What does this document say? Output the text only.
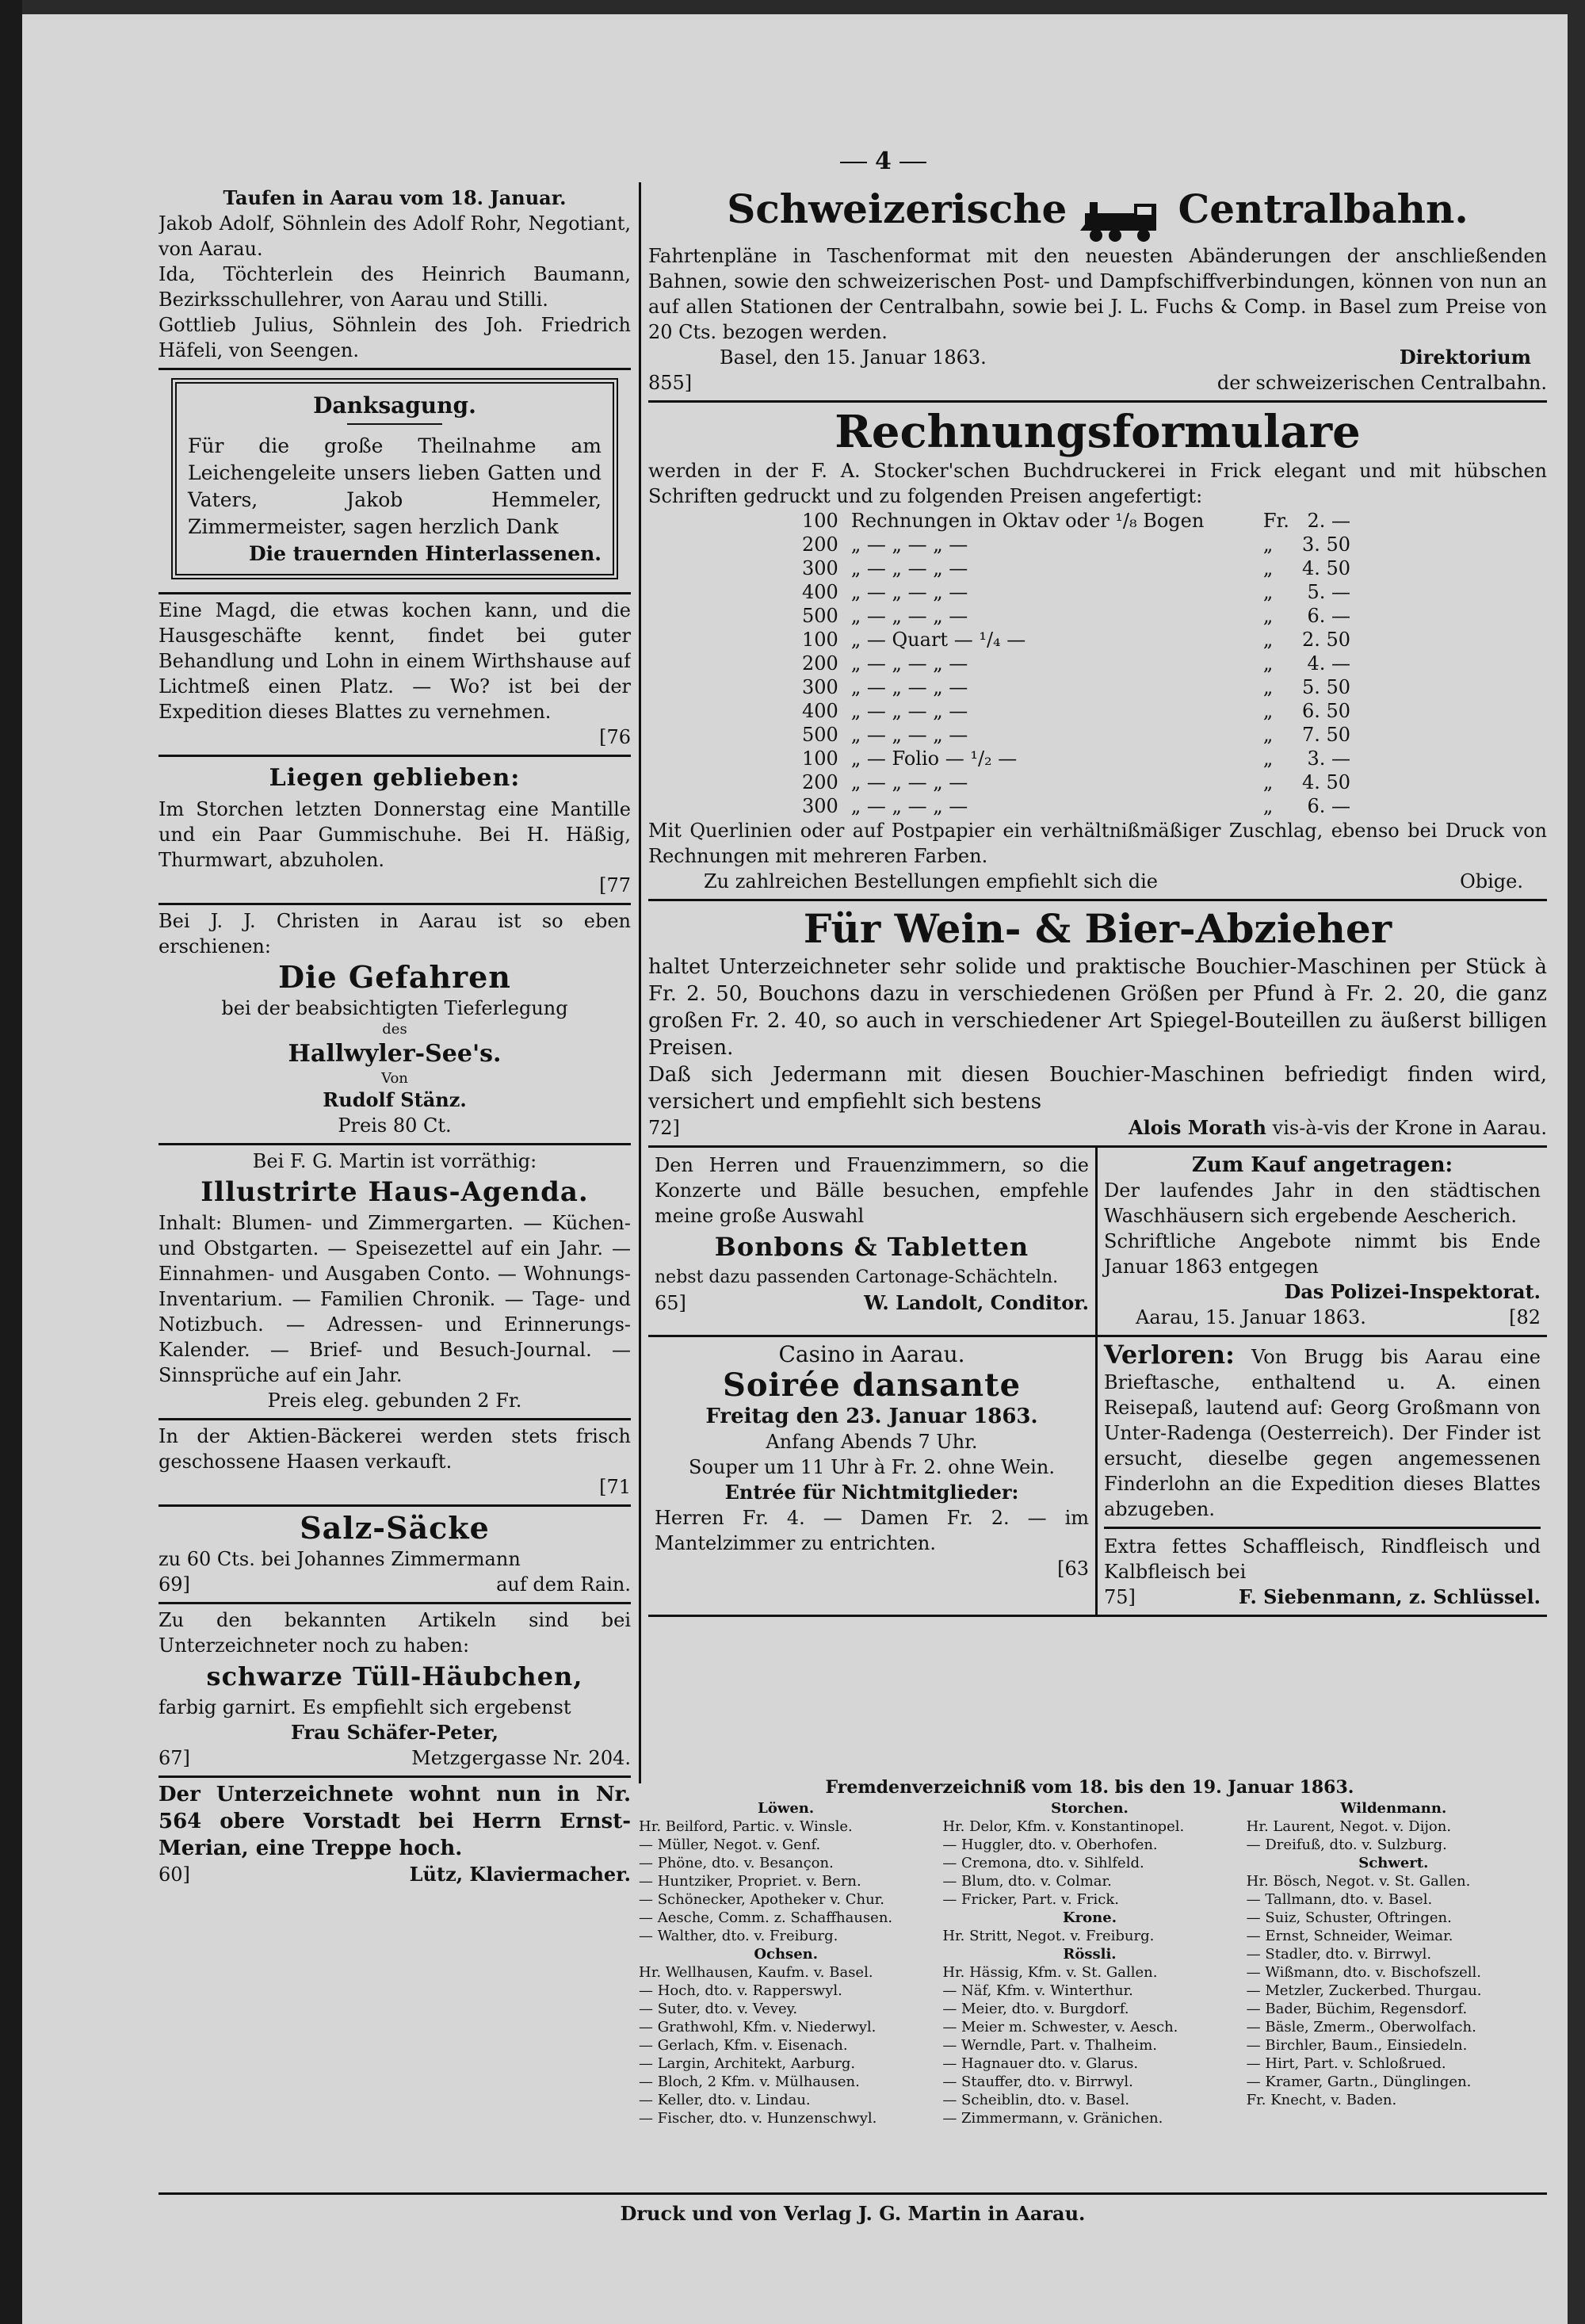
4

Taufen in Aarau vom 18. Januar.

Jakob Adolf, Söhnlein des Adolf Rohr, Negotiant, von Aarau.

Ida, Töchterlein des Heinrich Baumann, Bezirksschullehrer, von Aarau und Stilli.

Gottlieb Julius, Söhnlein des Joh. Friedrich Häfeli, von Seengen.

Danksagung.

Für die große Theilnahme am Leichengeleite unsers lieben Gatten und Vaters, Jakob Hemmeler, Zimmermeister, sagen herzlich Dank

Die trauernden Hinterlassenen.

Eine Magd, die etwas kochen kann, und die Hausgeschäfte kennt, findet bei guter Behandlung und Lohn in einem Wirthshause auf Lichtmeß einen Platz. — Wo? ist bei der Expedition dieses Blattes zu vernehmen.

[76

Liegen geblieben:

Im Storchen letzten Donnerstag eine Mantille und ein Paar Gummischuhe. Bei H. Häßig, Thurmwart, abzuholen.

[77

Bei J. J. Christen in Aarau ist so eben erschienen:

Die Gefahren

bei der beabsichtigten Tieferlegung

des

Hallwyler-See's.

Von

Rudolf Stänz.

Preis 80 Ct.

Bei F. G. Martin ist vorräthig:

Illustrirte Haus-Agenda.

Inhalt: Blumen- und Zimmergarten. — Küchen- und Obstgarten. — Speisezettel auf ein Jahr. — Einnahmen- und Ausgaben Conto. — Wohnungs-Inventarium. — Familien Chronik. — Tage- und Notizbuch. — Adressen- und Erinnerungs-Kalender. — Brief- und Besuch-Journal. — Sinnsprüche auf ein Jahr.

Preis eleg. gebunden 2 Fr.

In der Aktien-Bäckerei werden stets frisch geschossene Haasen verkauft.

[71

Salz-Säcke

zu 60 Cts. bei Johannes Zimmermann

69]	auf dem Rain.

Zu den bekannten Artikeln sind bei Unterzeichneter noch zu haben:

schwarze Tüll-Häubchen,

farbig garnirt. Es empfiehlt sich ergebenst

Frau Schäfer-Peter,

67]	Metzgergasse Nr. 204.

Der Unterzeichnete wohnt nun in Nr. 564 obere Vorstadt bei Herrn Ernst-Merian, eine Treppe hoch.

60]	Lütz, Klaviermacher.

Schweizerische	Centralbahn.

Fahrtenpläne in Taschenformat mit den neuesten Abänderungen der anschließenden Bahnen, sowie den schweizerischen Post- und Dampfschiffverbindungen, können von nun an auf allen Stationen der Centralbahn, sowie bei J. L. Fuchs & Comp. in Basel zum Preise von 20 Cts. bezogen werden.

Basel, den 15. Januar 1863.	Direktorium

855]	der schweizerischen Centralbahn.

Rechnungsformulare

werden in der F. A. Stocker'schen Buchdruckerei in Frick elegant und mit hübschen Schriften gedruckt und zu folgenden Preisen angefertigt:

100	Rechnungen in Oktav oder ¹/₈ Bogen	Fr.	2. —
200	„ — „ — „ —	„	3. 50
300	„ — „ — „ —	„	4. 50
400	„ — „ — „ —	„	5. —
500	„ — „ — „ —	„	6. —
100	„ — Quart — ¹/₄ —	„	2. 50
200	„ — „ — „ —	„	4. —
300	„ — „ — „ —	„	5. 50
400	„ — „ — „ —	„	6. 50
500	„ — „ — „ —	„	7. 50
100	„ — Folio — ¹/₂ —	„	3. —
200	„ — „ — „ —	„	4. 50
300	„ — „ — „ —	„	6. —

Mit Querlinien oder auf Postpapier ein verhältnißmäßiger Zuschlag, ebenso bei Druck von Rechnungen mit mehreren Farben.

Zu zahlreichen Bestellungen empfiehlt sich die	Obige.

Für Wein- & Bier-Abzieher

haltet Unterzeichneter sehr solide und praktische Bouchier-Maschinen per Stück à Fr. 2. 50, Bouchons dazu in verschiedenen Größen per Pfund à Fr. 2. 20, die ganz großen Fr. 2. 40, so auch in verschiedener Art Spiegel-Bouteillen zu äußerst billigen Preisen.

Daß sich Jedermann mit diesen Bouchier-Maschinen befriedigt finden wird, versichert und empfiehlt sich bestens

72]	Alois Morath vis-à-vis der Krone in Aarau.

Den Herren und Frauenzimmern, so die Konzerte und Bälle besuchen, empfehle meine große Auswahl

Bonbons & Tabletten

nebst dazu passenden Cartonage-Schächteln.

65]	W. Landolt, Conditor.

Zum Kauf angetragen:

Der laufendes Jahr in den städtischen Waschhäusern sich ergebende Aescherich.

Schriftliche Angebote nimmt bis Ende Januar 1863 entgegen

Das Polizei-Inspektorat.

Aarau, 15. Januar 1863.	[82

Casino in Aarau.

Soirée dansante

Freitag den 23. Januar 1863.

Anfang Abends 7 Uhr.

Souper um 11 Uhr à Fr. 2. ohne Wein.

Entrée für Nichtmitglieder:

Herren Fr. 4. — Damen Fr. 2. — im Mantelzimmer zu entrichten.

[63

Verloren: Von Brugg bis Aarau eine Brieftasche, enthaltend u. A. einen Reisepaß, lautend auf: Georg Großmann von Unter-Radenga (Oesterreich). Der Finder ist ersucht, dieselbe gegen angemessenen Finderlohn an die Expedition dieses Blattes abzugeben.

Extra fettes Schaffleisch, Rindfleisch und Kalbfleisch bei

75]	F. Siebenmann, z. Schlüssel.

Fremdenverzeichniß vom 18. bis den 19. Januar 1863.

Löwen.
Hr. Beilford, Partic. v. Winsle.
— Müller, Negot. v. Genf.
— Phöne, dto. v. Besançon.
— Huntziker, Propriet. v. Bern.
— Schönecker, Apotheker v. Chur.
— Aesche, Comm. z. Schaffhausen.
— Walther, dto. v. Freiburg.
Ochsen.
Hr. Wellhausen, Kaufm. v. Basel.
— Hoch, dto. v. Rapperswyl.
— Suter, dto. v. Vevey.
— Grathwohl, Kfm. v. Niederwyl.
— Gerlach, Kfm. v. Eisenach.
— Largin, Architekt, Aarburg.
— Bloch, 2 Kfm. v. Mülhausen.
— Keller, dto. v. Lindau.
— Fischer, dto. v. Hunzenschwyl.
Storchen.
Hr. Delor, Kfm. v. Konstantinopel.
— Huggler, dto. v. Oberhofen.
— Cremona, dto. v. Sihlfeld.
— Blum, dto. v. Colmar.
— Fricker, Part. v. Frick.
Krone.
Hr. Stritt, Negot. v. Freiburg.
Rössli.
Hr. Hässig, Kfm. v. St. Gallen.
— Näf, Kfm. v. Winterthur.
— Meier, dto. v. Burgdorf.
— Meier m. Schwester, v. Aesch.
— Werndle, Part. v. Thalheim.
— Hagnauer dto. v. Glarus.
— Stauffer, dto. v. Birrwyl.
— Scheiblin, dto. v. Basel.
— Zimmermann, v. Gränichen.
Wildenmann.
Hr. Laurent, Negot. v. Dijon.
— Dreifuß, dto. v. Sulzburg.
Schwert.
Hr. Bösch, Negot. v. St. Gallen.
— Tallmann, dto. v. Basel.
— Suiz, Schuster, Oftringen.
— Ernst, Schneider, Weimar.
— Stadler, dto. v. Birrwyl.
— Wißmann, dto. v. Bischofszell.
— Metzler, Zuckerbed. Thurgau.
— Bader, Büchim, Regensdorf.
— Bäsle, Zmerm., Oberwolfach.
— Birchler, Baum., Einsiedeln.
— Hirt, Part. v. Schloßrued.
— Kramer, Gartn., Dünglingen.
Fr. Knecht, v. Baden.
Druck und von Verlag J. G. Martin in Aarau.
